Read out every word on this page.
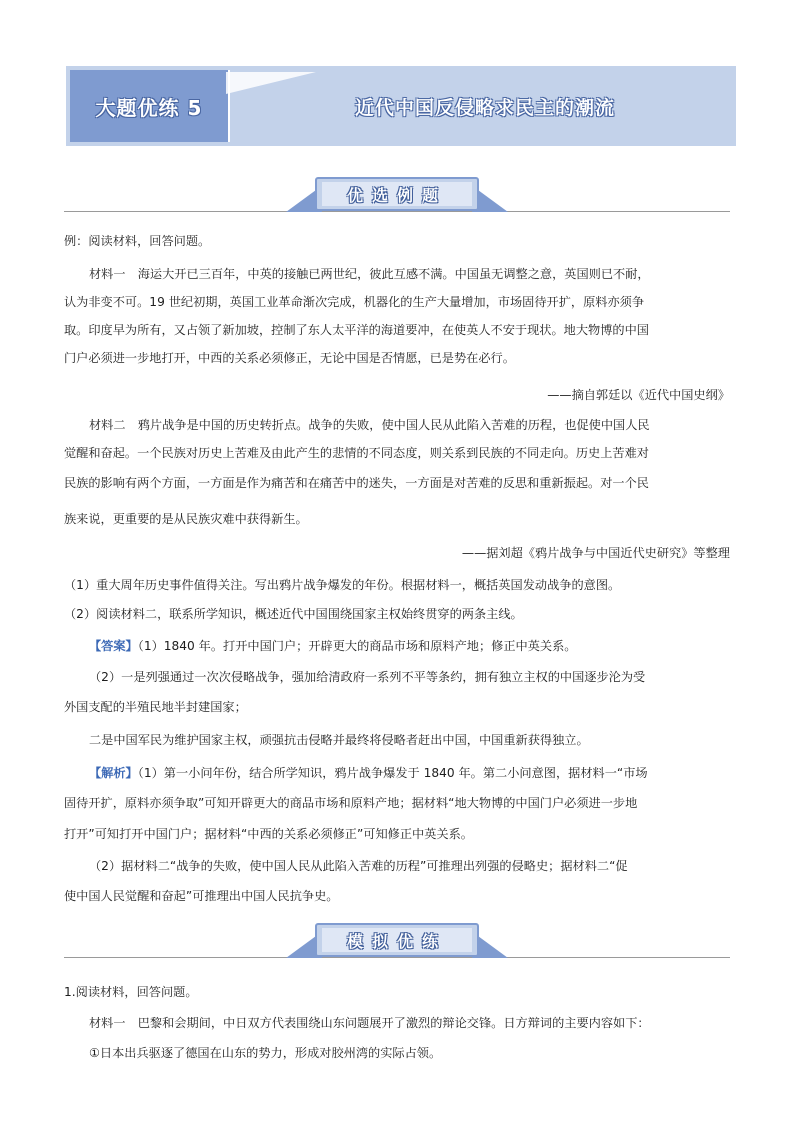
大题优练 5	近代中国反侵略求民主的潮流
优选例题
例：阅读材料，回答问题。
材料一　海运大开已三百年，中英的接触已两世纪，彼此互感不满。中国虽无调整之意，英国则已不耐，
认为非变不可。19 世纪初期，英国工业革命渐次完成，机器化的生产大量增加，市场固待开扩，原料亦须争
取。印度早为所有，又占领了新加坡，控制了东人太平洋的海道要冲，在使英人不安于现状。地大物博的中国
门户必须进一步地打开，中西的关系必须修正，无论中国是否情愿，已是势在必行。
——摘自郭廷以《近代中国史纲》
材料二　鸦片战争是中国的历史转折点。战争的失败，使中国人民从此陷入苦难的历程，也促使中国人民
觉醒和奋起。一个民族对历史上苦难及由此产生的悲情的不同态度，则关系到民族的不同走向。历史上苦难对
民族的影响有两个方面，一方面是作为痛苦和在痛苦中的迷失，一方面是对苦难的反思和重新振起。对一个民
族来说，更重要的是从民族灾难中获得新生。
——据刘超《鸦片战争与中国近代史研究》等整理
（1）重大周年历史事件值得关注。写出鸦片战争爆发的年份。根据材料一，概括英国发动战争的意图。
（2）阅读材料二，联系所学知识，概述近代中国围绕国家主权始终贯穿的两条主线。
【答案】（1）1840 年。打开中国门户；开辟更大的商品市场和原料产地；修正中英关系。
（2）一是列强通过一次次侵略战争，强加给清政府一系列不平等条约，拥有独立主权的中国逐步沦为受
外国支配的半殖民地半封建国家；
二是中国军民为维护国家主权，顽强抗击侵略并最终将侵略者赶出中国，中国重新获得独立。
【解析】（1）第一小问年份，结合所学知识，鸦片战争爆发于 1840 年。第二小问意图，据材料一“市场
固待开扩，原料亦须争取”可知开辟更大的商品市场和原料产地；据材料“地大物博的中国门户必须进一步地
打开”可知打开中国门户；据材料“中西的关系必须修正”可知修正中英关系。
（2）据材料二“战争的失败，使中国人民从此陷入苦难的历程”可推理出列强的侵略史；据材料二“促
使中国人民觉醒和奋起”可推理出中国人民抗争史。
模拟优练
1.阅读材料，回答问题。
材料一　巴黎和会期间，中日双方代表围绕山东问题展开了激烈的辩论交锋。日方辩词的主要内容如下：
①日本出兵驱逐了德国在山东的势力，形成对胶州湾的实际占领。
